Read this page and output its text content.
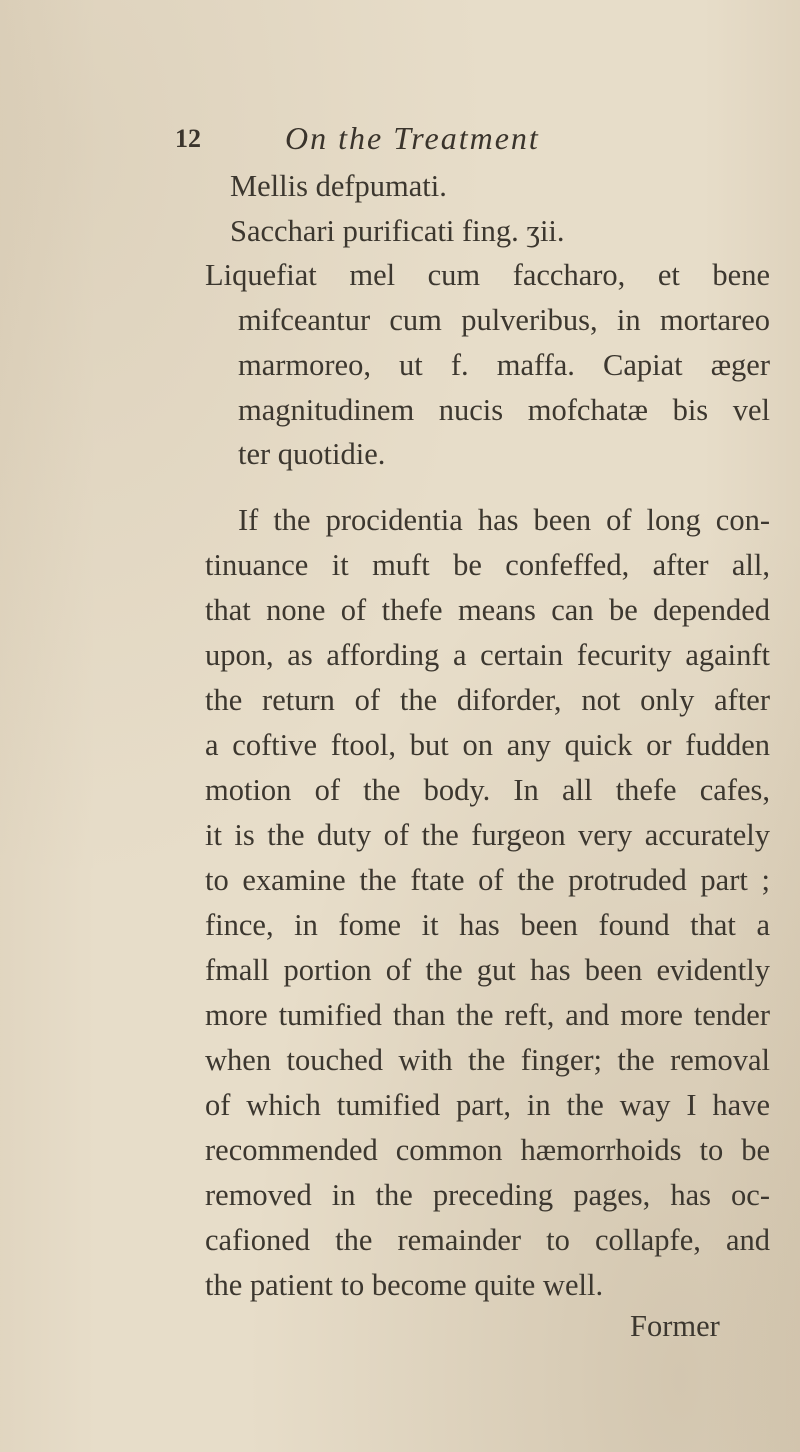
12	On the Treatment
Mellis defpumati.
Sacchari purificati fing. ʒii.
Liquefiat mel cum faccharo, et bene
mifceantur cum pulveribus, in mortareo
marmoreo, ut f. maffa. Capiat æger
magnitudinem nucis mofchatæ bis vel
ter quotidie.
If the procidentia has been of long con-
tinuance it muft be confeffed, after all,
that none of thefe means can be depended
upon, as affording a certain fecurity againft
the return of the diforder, not only after
a coftive ftool, but on any quick or fudden
motion of the body. In all thefe cafes,
it is the duty of the furgeon very accurately
to examine the ftate of the protruded part ;
fince, in fome it has been found that a
fmall portion of the gut has been evidently
more tumified than the reft, and more tender
when touched with the finger; the removal
of which tumified part, in the way I have
recommended common hæmorrhoids to be
removed in the preceding pages, has oc-
cafioned the remainder to collapfe, and
the patient to become quite well.
Former
